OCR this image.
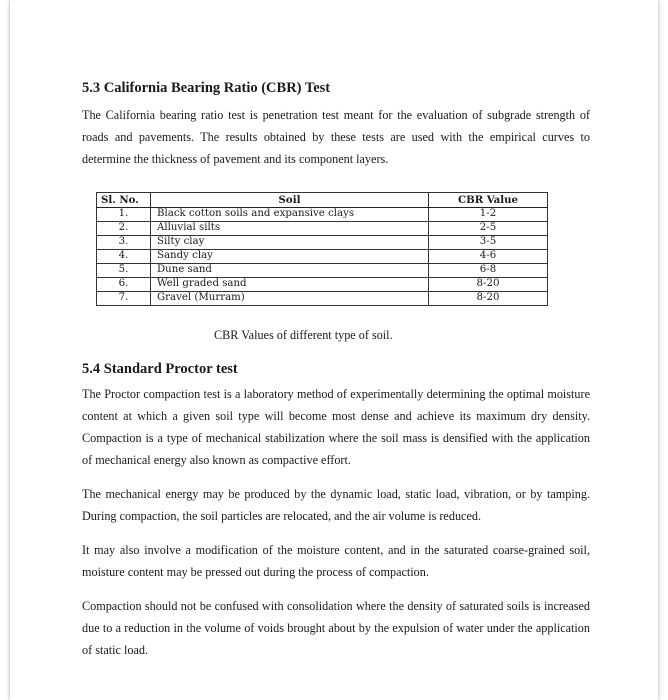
5.3 California Bearing Ratio (CBR) Test

The California bearing ratio test is penetration test meant for the evaluation of subgrade strength of roads and pavements. The results obtained by these tests are used with the empirical curves to determine the thickness of pavement and its component layers.

Sl. No.	Soil	CBR Value
1.	Black cotton soils and expansive clays	1-2
2.	Alluvial silts	2-5
3.	Silty clay	3-5
4.	Sandy clay	4-6
5.	Dune sand	6-8
6.	Well graded sand	8-20
7.	Gravel (Murram)	8-20
CBR Values of different type of soil.
5.4 Standard Proctor test

The Proctor compaction test is a laboratory method of experimentally determining the optimal moisture content at which a given soil type will become most dense and achieve its maximum dry density. Compaction is a type of mechanical stabilization where the soil mass is densified with the application of mechanical energy also known as compactive effort.

The mechanical energy may be produced by the dynamic load, static load, vibration, or by tamping. During compaction, the soil particles are relocated, and the air volume is reduced.

It may also involve a modification of the moisture content, and in the saturated coarse-grained soil, moisture content may be pressed out during the process of compaction.

Compaction should not be confused with consolidation where the density of saturated soils is increased due to a reduction in the volume of voids brought about by the expulsion of water under the application of static load.
